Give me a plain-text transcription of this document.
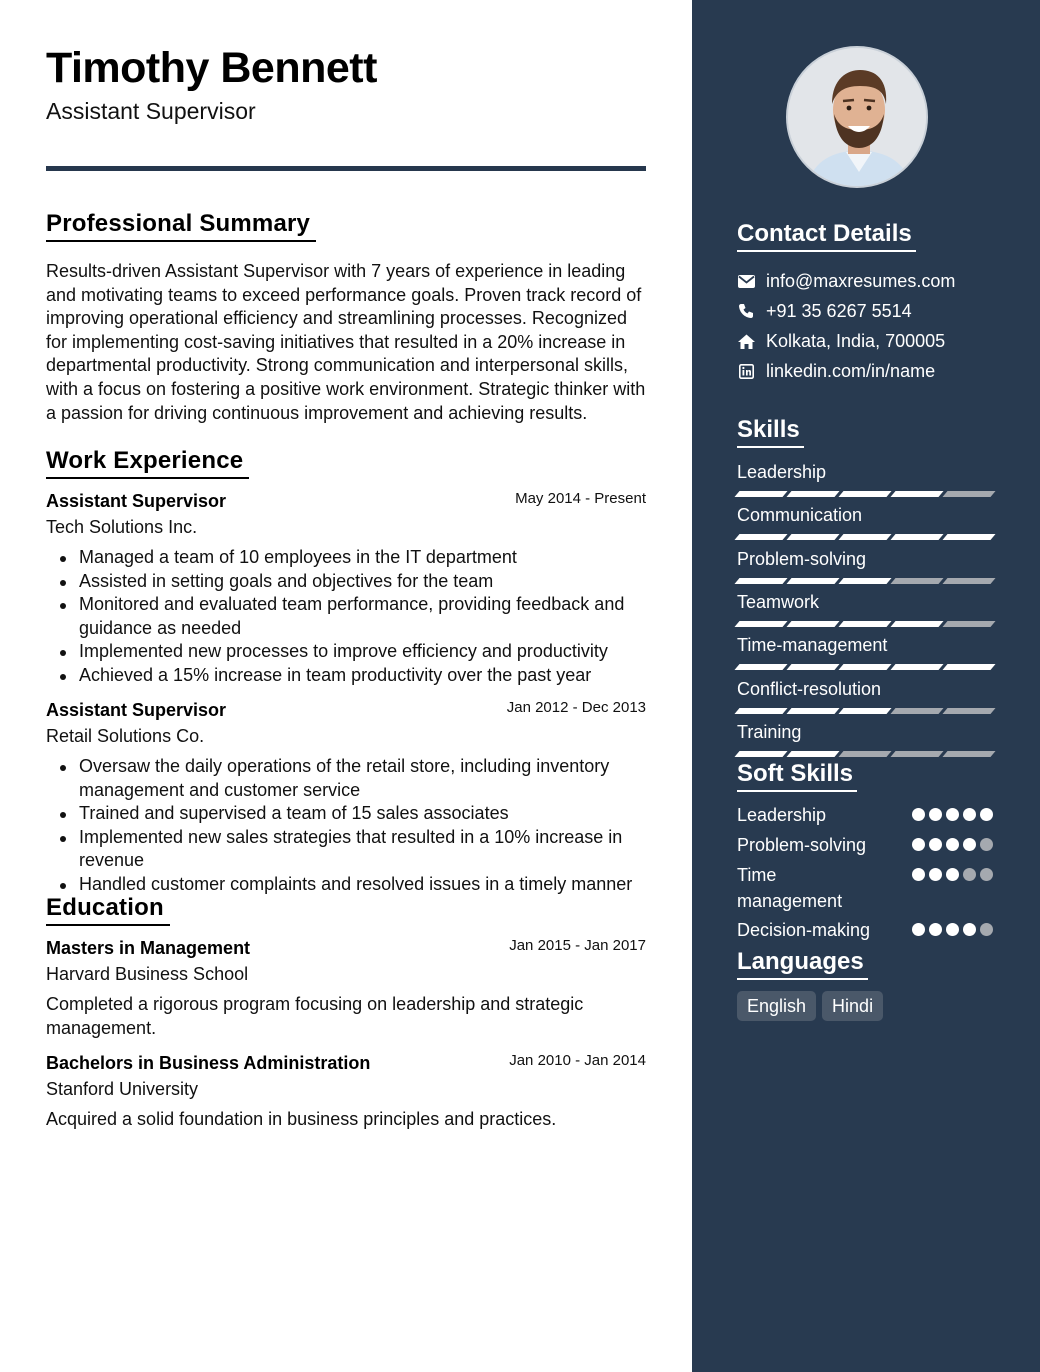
Timothy Bennett
Assistant Supervisor
Professional Summary

Results-driven Assistant Supervisor with 7 years of experience in leading and motivating teams to exceed performance goals. Proven track record of improving operational efficiency and streamlining processes. Recognized for implementing cost-saving initiatives that resulted in a 20% increase in departmental productivity. Strong communication and interpersonal skills, with a focus on fostering a positive work environment. Strategic thinker with a passion for driving continuous improvement and achieving results.

Work Experience
Assistant Supervisor	May 2014 - Present
Tech Solutions Inc.
Managed a team of 10 employees in the IT department
Assisted in setting goals and objectives for the team
Monitored and evaluated team performance, providing feedback and guidance as needed
Implemented new processes to improve efficiency and productivity
Achieved a 15% increase in team productivity over the past year
Assistant Supervisor	Jan 2012 - Dec 2013
Retail Solutions Co.
Oversaw the daily operations of the retail store, including inventory management and customer service
Trained and supervised a team of 15 sales associates
Implemented new sales strategies that resulted in a 10% increase in revenue
Handled customer complaints and resolved issues in a timely manner
Education
Masters in Management	Jan 2015 - Jan 2017
Harvard Business School

Completed a rigorous program focusing on leadership and strategic management.

Bachelors in Business Administration	Jan 2010 - Jan 2014
Stanford University

Acquired a solid foundation in business principles and practices.

Contact Details
info@maxresumes.com
+91 35 6267 5514
Kolkata, India, 700005
linkedin.com/in/name
Skills
Leadership
Communication
Problem-solving
Teamwork
Time-management
Conflict-resolution
Training
Soft Skills
Leadership
Problem-solving
Time management
Decision-making
Languages
English	Hindi
